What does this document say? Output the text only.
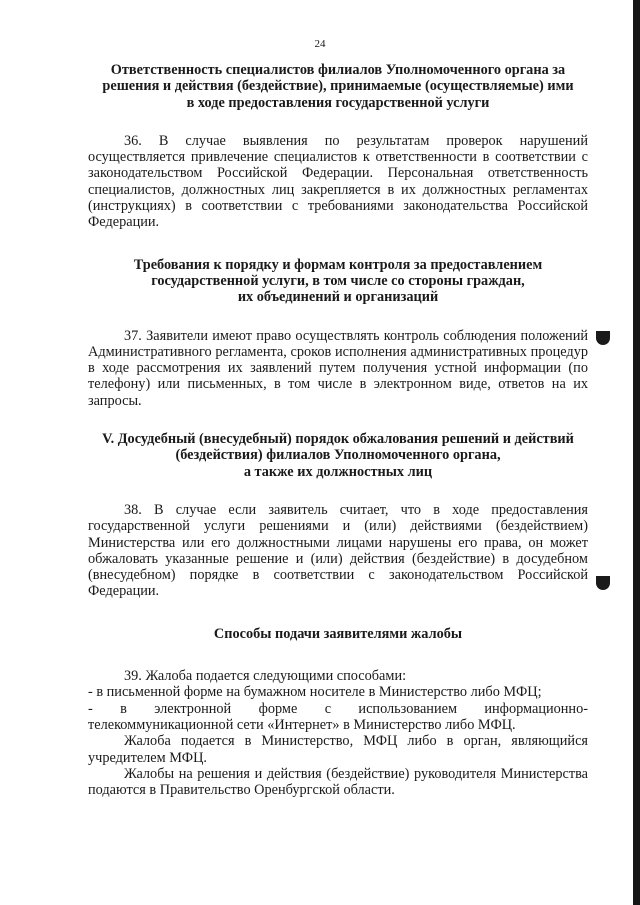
24
Ответственность специалистов филиалов Уполномоченного органа за
решения и действия (бездействие), принимаемые (осуществляемые) ими
в ходе предоставления государственной услуги

36. В случае выявления по результатам проверок нарушений осуществляется привлечение специалистов к ответственности в соответствии с законодательством Российской Федерации. Персональная ответственность специалистов, должностных лиц закрепляется в их должностных регламентах (инструкциях) в соответствии с требованиями законодательства Российской Федерации.

Требования к порядку и формам контроля за предоставлением
государственной услуги, в том числе со стороны граждан,
их объединений и организаций

37. Заявители имеют право осуществлять контроль соблюдения положений Административного регламента, сроков исполнения административных процедур в ходе рассмотрения их заявлений путем получения устной информации (по телефону) или письменных, в том числе в электронном виде, ответов на их запросы.

V. Досудебный (внесудебный) порядок обжалования решений и действий
(бездействия) филиалов Уполномоченного органа,
а также их должностных лиц

38. В случае если заявитель считает, что в ходе предоставления государственной услуги решениями и (или) действиями (бездействием) Министерства или его должностными лицами нарушены его права, он может обжаловать указанные решение и (или) действия (бездействие) в досудебном (внесудебном) порядке в соответствии с законодательством Российской Федерации.

Способы подачи заявителями жалобы

39. Жалоба подается следующими способами:

- в письменной форме на бумажном носителе в Министерство либо МФЦ;

- в электронной форме с использованием информационно-телекоммуникационной сети «Интернет» в Министерство либо МФЦ.

Жалоба подается в Министерство, МФЦ либо в орган, являющийся учредителем МФЦ.

Жалобы на решения и действия (бездействие) руководителя Министерства подаются в Правительство Оренбургской области.
